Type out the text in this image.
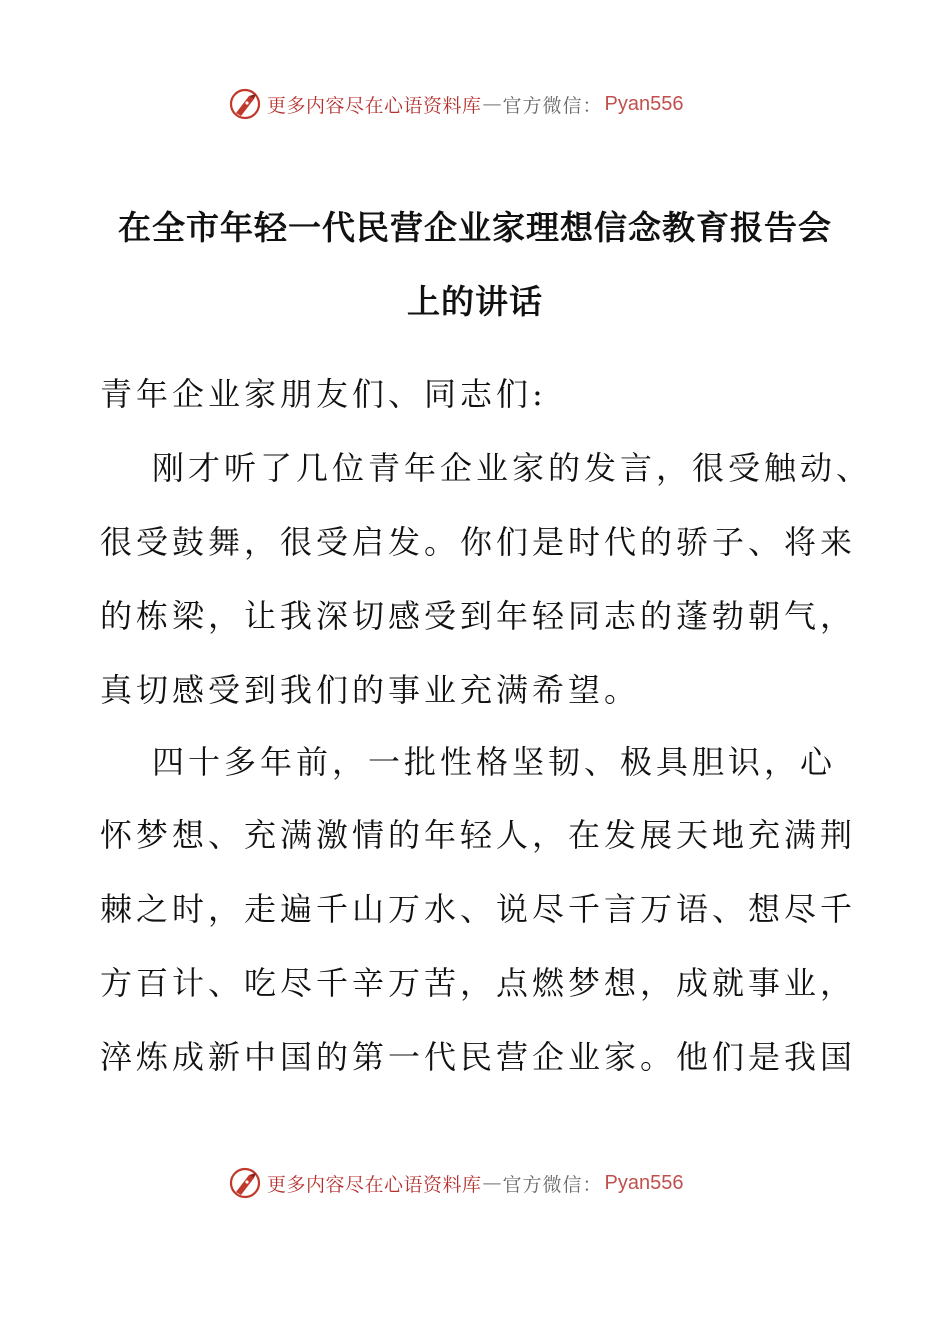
更多内容尽在心语资料库 — 官方微信： Pyan556
在全市年轻一代民营企业家理想信念教育报告会
上的讲话
青年企业家朋友们、同志们:
刚才听了几位青年企业家的发言，很受触动、
很受鼓舞，很受启发。你们是时代的骄子、将来
的栋梁，让我深切感受到年轻同志的蓬勃朝气，
真切感受到我们的事业充满希望。
四十多年前，一批性格坚韧、极具胆识，心
怀梦想、充满激情的年轻人，在发展天地充满荆
棘之时，走遍千山万水、说尽千言万语、想尽千
方百计、吃尽千辛万苦，点燃梦想，成就事业，
淬炼成新中国的第一代民营企业家。他们是我国
更多内容尽在心语资料库 — 官方微信： Pyan556
